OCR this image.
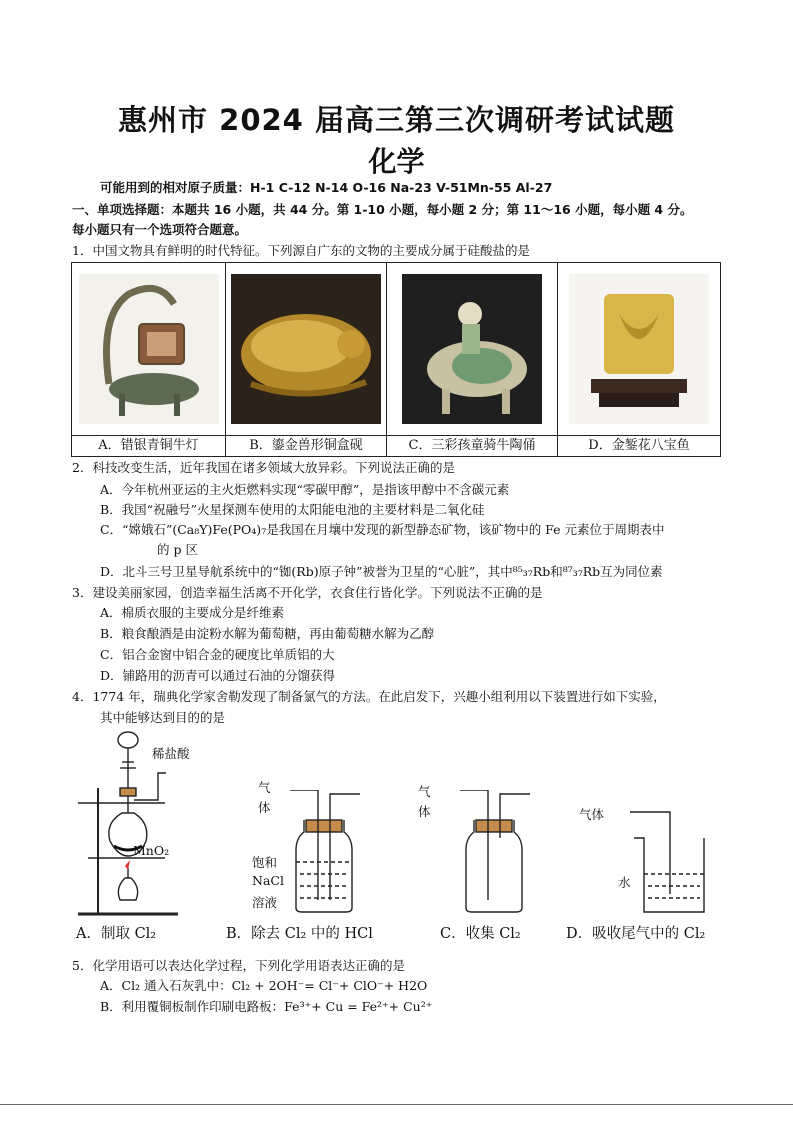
惠州市 2024 届高三第三次调研考试试题
化学
可能用到的相对原子质量：H-1 C-12 N-14 O-16 Na-23 V-51Mn-55 Al-27
一、单项选择题：本题共 16 小题，共 44 分。第 1-10 小题，每小题 2 分；第 11～16 小题，每小题 4 分。
每小题只有一个选项符合题意。
1．中国文物具有鲜明的时代特征。下列源自广东的文物的主要成分属于硅酸盐的是
A．错银青铜牛灯	B．鎏金兽形铜盒砚	C．三彩孩童骑牛陶俑	D．金錾花八宝鱼
2．科技改变生活，近年我国在诸多领域大放异彩。下列说法正确的是
A．今年杭州亚运的主火炬燃料实现“零碳甲醇”，是指该甲醇中不含碳元素
B．我国“祝融号”火星探测车使用的太阳能电池的主要材料是二氧化硅
C．“嫦娥石”(Ca₈Y)Fe(PO₄)₇是我国在月壤中发现的新型静态矿物，该矿物中的 Fe 元素位于周期表中
的 p 区
D．北斗三号卫星导航系统中的“铷(Rb)原子钟”被誉为卫星的“心脏”，其中⁸⁵₃₇Rb和⁸⁷₃₇Rb互为同位素
3．建设美丽家园，创造幸福生活离不开化学，衣食住行皆化学。下列说法不正确的是
A．棉质衣服的主要成分是纤维素
B．粮食酿酒是由淀粉水解为葡萄糖，再由葡萄糖水解为乙醇
C．铝合金窗中铝合金的硬度比单质铝的大
D．铺路用的沥青可以通过石油的分馏获得
4．1774 年，瑞典化学家舍勒发现了制备氯气的方法。在此启发下，兴趣小组利用以下装置进行如下实验，
其中能够达到目的的是
稀盐酸
MnO₂
气
体
饱和
NaCl
溶液
气
体	气体
水
A．制取 Cl₂	B．除去 Cl₂ 中的 HCl	C．收集 Cl₂	D．吸收尾气中的 Cl₂
5．化学用语可以表达化学过程，下列化学用语表达正确的是
A．Cl₂ 通入石灰乳中：Cl₂ + 2OH⁻= Cl⁻+ ClO⁻+ H2O
B．利用覆铜板制作印刷电路板：Fe³⁺+ Cu = Fe²⁺+ Cu²⁺
